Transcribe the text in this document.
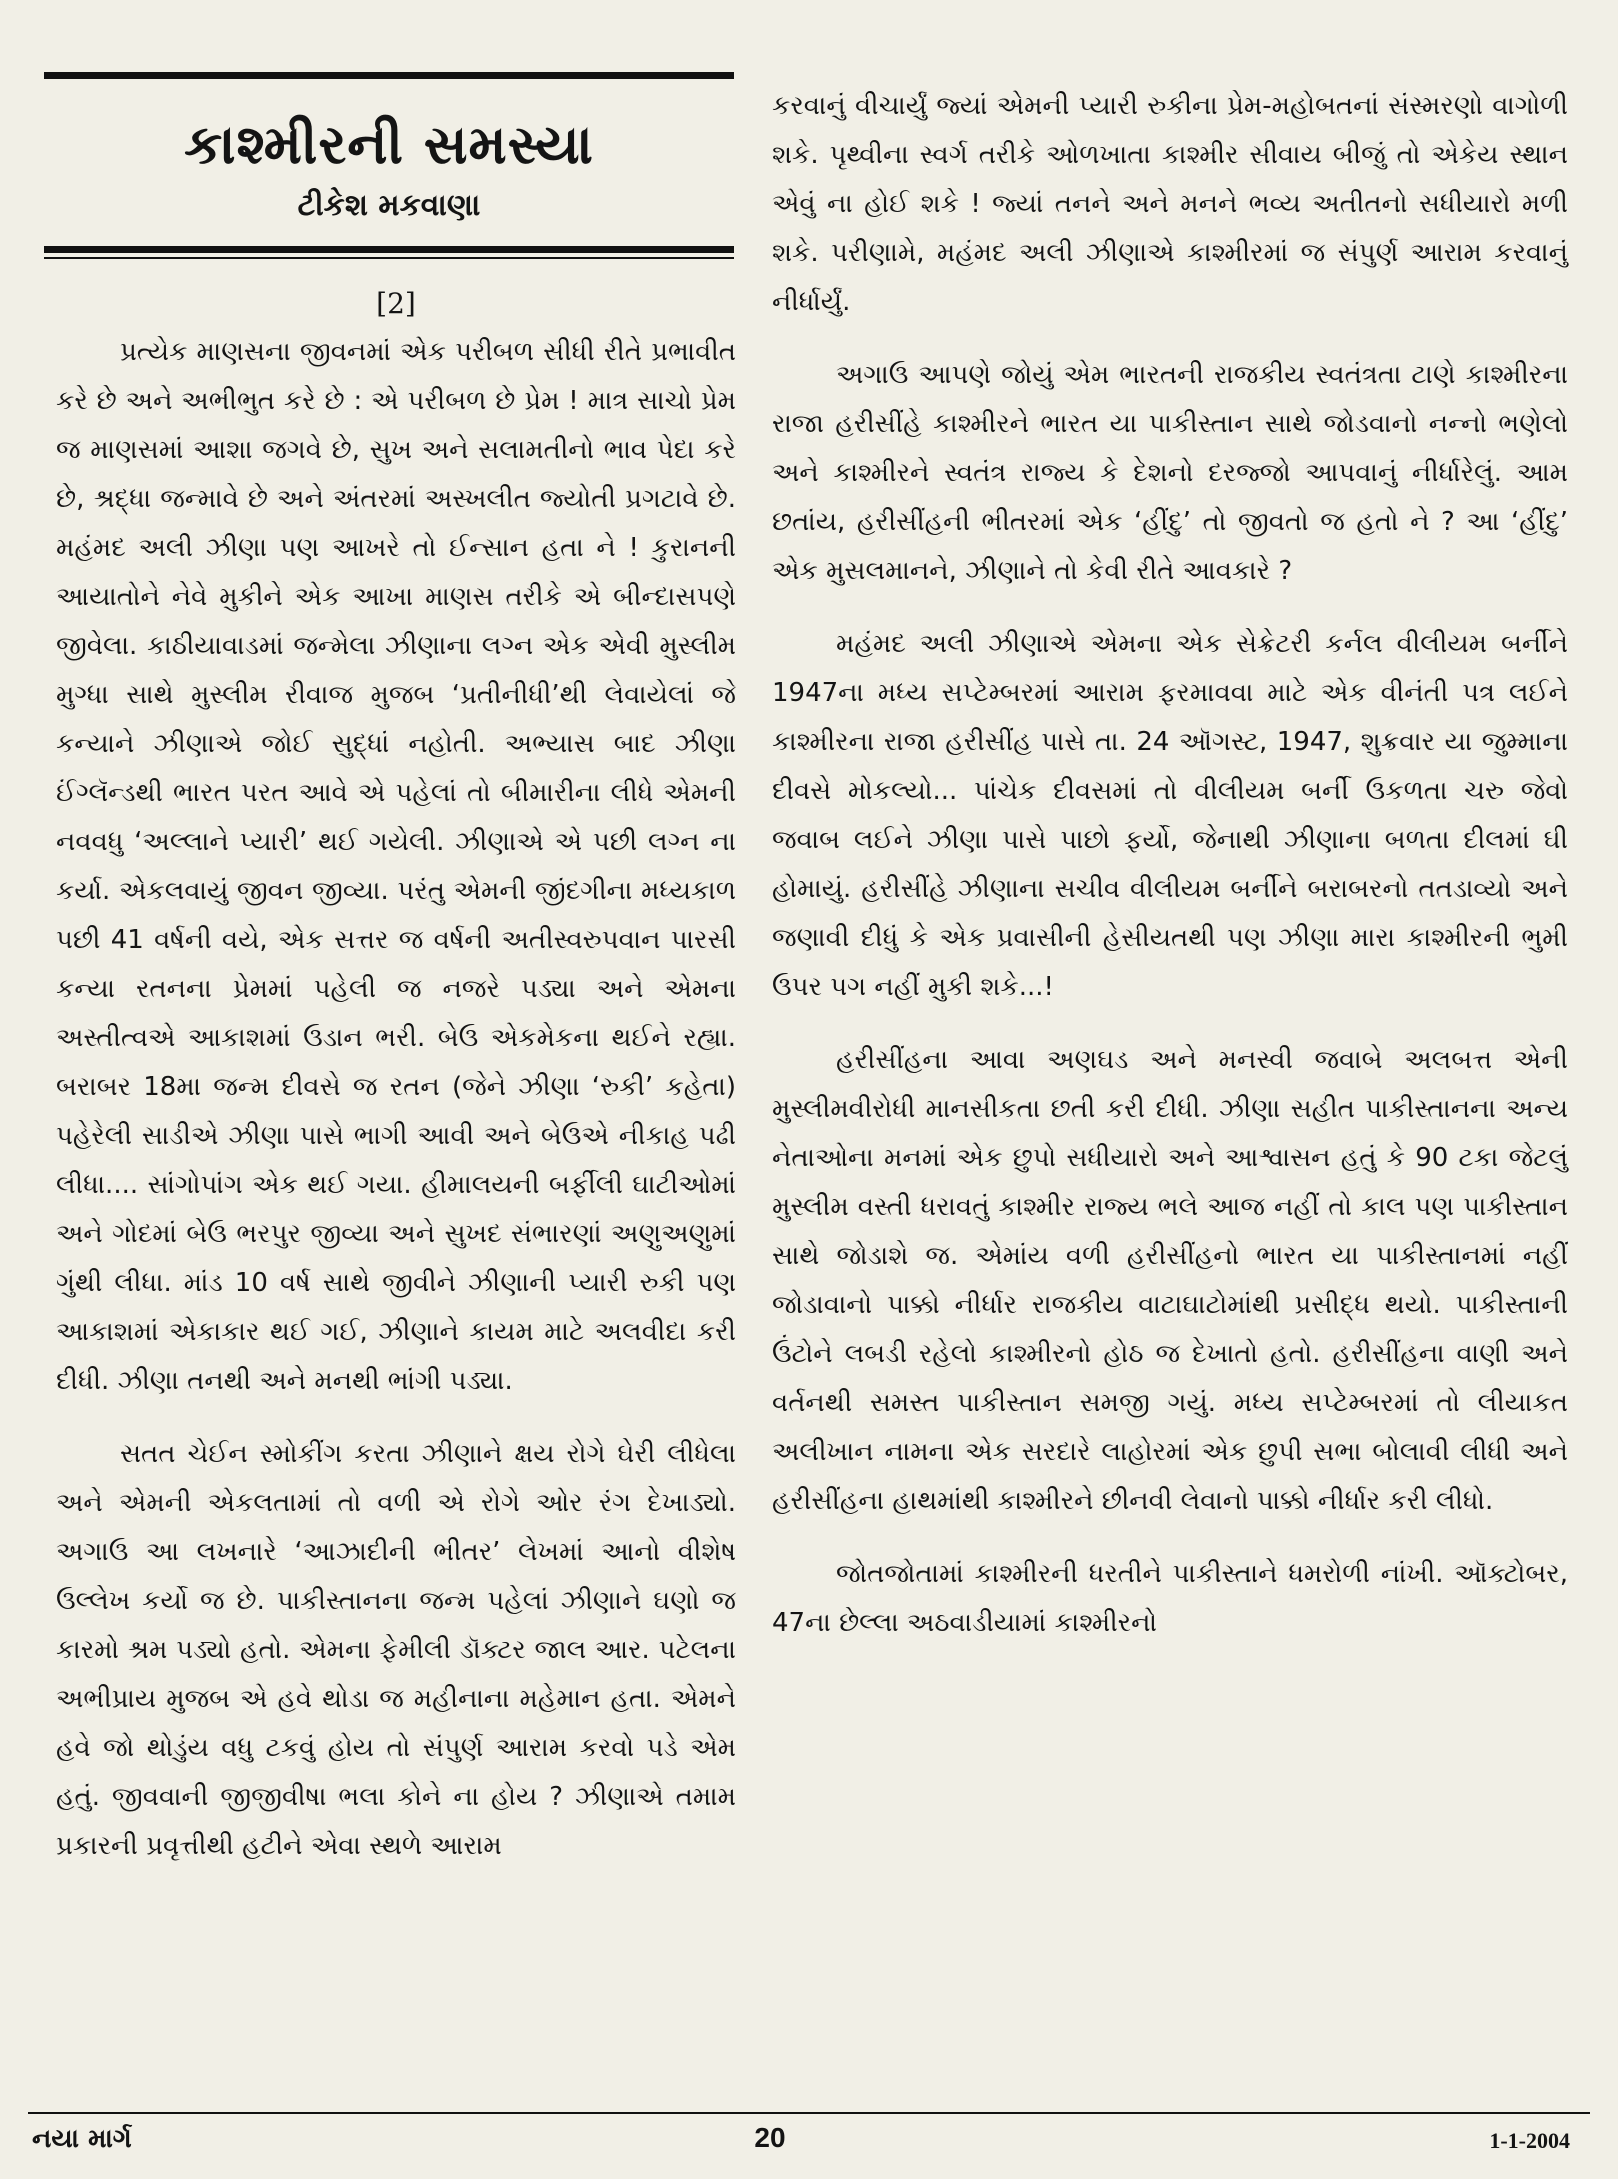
કાશ્મીરની સમસ્યા
ટીકેશ મકવાણા
[2]

પ્રત્યેક માણસના જીવનમાં એક પરીબળ સીધી રીતે પ્રભાવીત કરે છે અને અભીભુત કરે છે : એ પરીબળ છે પ્રેમ ! માત્ર સાચો પ્રેમ જ માણસમાં આશા જગવે છે, સુખ અને સલામતીનો ભાવ પેદા કરે છે, શ્રદ્ધા જન્માવે છે અને અંતરમાં અસ્ખલીત જ્યોતી પ્રગટાવે છે. મહંમદ અલી ઝીણા પણ આખરે તો ઈન્સાન હતા ને ! કુરાનની આયાતોને નેવે મુકીને એક આખા માણસ તરીકે એ બીન્દાસપણે જીવેલા. કાઠીયાવાડમાં જન્મેલા ઝીણાના લગ્ન એક એવી મુસ્લીમ મુગ્ધા સાથે મુસ્લીમ રીવાજ મુજબ ‘પ્રતીનીધી’થી લેવાયેલાં જે કન્યાને ઝીણાએ જોઈ સુદ્ધાં નહોતી. અભ્યાસ બાદ ઝીણા ઈંગ્લૅન્ડથી ભારત પરત આવે એ પહેલાં તો બીમારીના લીધે એમની નવવધુ ‘અલ્લાને પ્યારી’ થઈ ગયેલી. ઝીણાએ એ પછી લગ્ન ના કર્યા. એકલવાયું જીવન જીવ્યા. પરંતુ એમની જીંદગીના મધ્યકાળ પછી 41 વર્ષની વયે, એક સત્તર જ વર્ષની અતીસ્વરુપવાન પારસી કન્યા રતનના પ્રેમમાં પહેલી જ નજરે પડ્યા અને એમના અસ્તીત્વએ આકાશમાં ઉડાન ભરી. બેઉ એકમેકના થઈને રહ્યા. બરાબર 18મા જન્મ દીવસે જ રતન (જેને ઝીણા ‘રુકી’ કહેતા) પહેરેલી સાડીએ ઝીણા પાસે ભાગી આવી અને બેઉએ નીકાહ પઢી લીધા.... સાંગોપાંગ એક થઈ ગયા. હીમાલયની બર્ફીલી ઘાટીઓમાં અને ગોદમાં બેઉ ભરપુર જીવ્યા અને સુખદ સંભારણાં અણુઅણુમાં ગુંથી લીધા. માંડ 10 વર્ષ સાથે જીવીને ઝીણાની પ્યારી રુકી પણ આકાશમાં એકાકાર થઈ ગઈ, ઝીણાને કાયમ માટે અલવીદા કરી દીધી. ઝીણા તનથી અને મનથી ભાંગી પડ્યા.

સતત ચેઈન સ્મોકીંગ કરતા ઝીણાને ક્ષય રોગે ઘેરી લીધેલા અને એમની એકલતામાં તો વળી એ રોગે ઓર રંગ દેખાડ્યો. અગાઉ આ લખનારે ‘આઝાદીની ભીતર’ લેખમાં આનો વીશેષ ઉલ્લેખ કર્યો જ છે. પાકીસ્તાનના જન્મ પહેલાં ઝીણાને ઘણો જ કારમો શ્રમ પડ્યો હતો. એમના ફેમીલી ડૉક્ટર જાલ આર. પટેલના અભીપ્રાય મુજબ એ હવે થોડા જ મહીનાના મહેમાન હતા. એમને હવે જો થોડુંય વધુ ટકવું હોય તો સંપુર્ણ આરામ કરવો પડે એમ હતું. જીવવાની જીજીવીષા ભલા કોને ના હોય ? ઝીણાએ તમામ પ્રકારની પ્રવૃત્તીથી હટીને એવા સ્થળે આરામ

કરવાનું વીચાર્યું જ્યાં એમની પ્યારી રુકીના પ્રેમ-મહોબતનાં સંસ્મરણો વાગોળી શકે. પૃથ્વીના સ્વર્ગ તરીકે ઓળખાતા કાશ્મીર સીવાય બીજું તો એકેય સ્થાન એવું ના હોઈ શકે ! જ્યાં તનને અને મનને ભવ્ય અતીતનો સધીયારો મળી શકે. પરીણામે, મહંમદ અલી ઝીણાએ કાશ્મીરમાં જ સંપુર્ણ આરામ કરવાનું નીર્ધાર્યું.

અગાઉ આપણે જોયું એમ ભારતની રાજકીય સ્વતંત્રતા ટાણે કાશ્મીરના રાજા હરીસીંહે કાશ્મીરને ભારત યા પાકીસ્તાન સાથે જોડવાનો નન્નો ભણેલો અને કાશ્મીરને સ્વતંત્ર રાજ્ય કે દેશનો દરજ્જો આપવાનું નીર્ધારેલું. આમ છતાંય, હરીસીંહની ભીતરમાં એક ‘હીંદુ’ તો જીવતો જ હતો ને ? આ ‘હીંદુ’ એક મુસલમાનને, ઝીણાને તો કેવી રીતે આવકારે ?

મહંમદ અલી ઝીણાએ એમના એક સેક્રેટરી કર્નલ વીલીયમ બર્નીને 1947ના મધ્ય સપ્ટેમ્બરમાં આરામ ફરમાવવા માટે એક વીનંતી પત્ર લઈને કાશ્મીરના રાજા હરીસીંહ પાસે તા. 24 ઑગસ્ટ, 1947, શુક્રવાર યા જુમ્માના દીવસે મોકલ્યો... પાંચેક દીવસમાં તો વીલીયમ બર્ની ઉકળતા ચરુ જેવો જવાબ લઈને ઝીણા પાસે પાછો ફર્યો, જેનાથી ઝીણાના બળતા દીલમાં ઘી હોમાયું. હરીસીંહે ઝીણાના સચીવ વીલીયમ બર્નીને બરાબરનો તતડાવ્યો અને જણાવી દીધું કે એક પ્રવાસીની હેસીયતથી પણ ઝીણા મારા કાશ્મીરની ભુમી ઉપર પગ નહીં મુકી શકે...!

હરીસીંહના આવા અણઘડ અને મનસ્વી જવાબે અલબત્ત એની મુસ્લીમવીરોધી માનસીકતા છતી કરી દીધી. ઝીણા સહીત પાકીસ્તાનના અન્ય નેતાઓના મનમાં એક છુપો સધીયારો અને આશ્વાસન હતું કે 90 ટકા જેટલું મુસ્લીમ વસ્તી ધરાવતું કાશ્મીર રાજ્ય ભલે આજ નહીં તો કાલ પણ પાકીસ્તાન સાથે જોડાશે જ. એમાંય વળી હરીસીંહનો ભારત યા પાકીસ્તાનમાં નહીં જોડાવાનો પાક્કો નીર્ધાર રાજકીય વાટાઘાટોમાંથી પ્રસીદ્ધ થયો. પાકીસ્તાની ઉંટોને લબડી રહેલો કાશ્મીરનો હોઠ જ દેખાતો હતો. હરીસીંહના વાણી અને વર્તનથી સમસ્ત પાકીસ્તાન સમજી ગયું. મધ્ય સપ્ટેમ્બરમાં તો લીયાકત અલીખાન નામના એક સરદારે લાહોરમાં એક છુપી સભા બોલાવી લીધી અને હરીસીંહના હાથમાંથી કાશ્મીરને છીનવી લેવાનો પાક્કો નીર્ધાર કરી લીધો.

જોતજોતામાં કાશ્મીરની ધરતીને પાકીસ્તાને ધમરોળી નાંખી. ઑક્ટોબર, 47ના છેલ્લા અઠવાડીયામાં કાશ્મીરનો

નયા માર્ગ	20	1-1-2004
